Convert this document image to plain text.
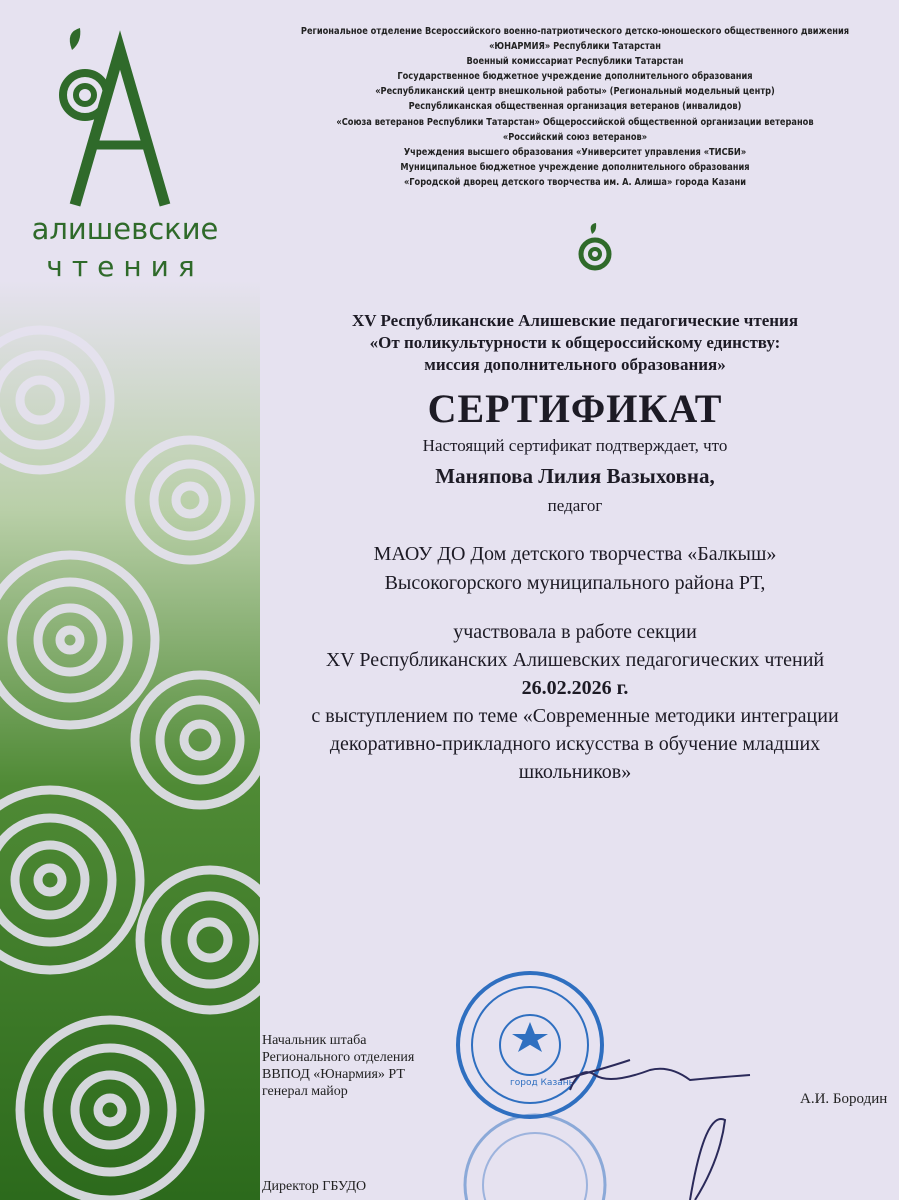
алишевские
чтения
Региональное отделение Всероссийского военно-патриотического детско-юношеского общественного движения
«ЮНАРМИЯ» Республики Татарстан
Военный комиссариат Республики Татарстан
Государственное бюджетное учреждение дополнительного образования
«Республиканский центр внешкольной работы» (Региональный модельный центр)
Республиканская общественная организация ветеранов (инвалидов)
«Союза ветеранов Республики Татарстан» Общероссийской общественной организации ветеранов
«Российский союз ветеранов»
Учреждения высшего образования «Университет управления «ТИСБИ»
Муниципальное бюджетное учреждение дополнительного образования
«Городской дворец детского творчества им. А. Алиша» города Казани
XV Республиканские Алишевские педагогические чтения
«От поликультурности к общероссийскому единству:
миссия дополнительного образования»
СЕРТИФИКАТ
Настоящий сертификат подтверждает, что
Маняпова Лилия Вазыховна,
педагог
МАОУ ДО Дом детского творчества «Балкыш»
Высокогорского муниципального района РТ,
участвовала в работе секции
XV Республиканских Алишевских педагогических чтений
26.02.2026 г.
с выступлением по теме «Современные методики интеграции
декоративно-прикладного искусства в обучение младших
школьников»
город Казань
Начальник штаба
Регионального отделения
ВВПОД «Юнармия» РТ
генерал майор	А.И. Бородин
Директор ГБУДО
